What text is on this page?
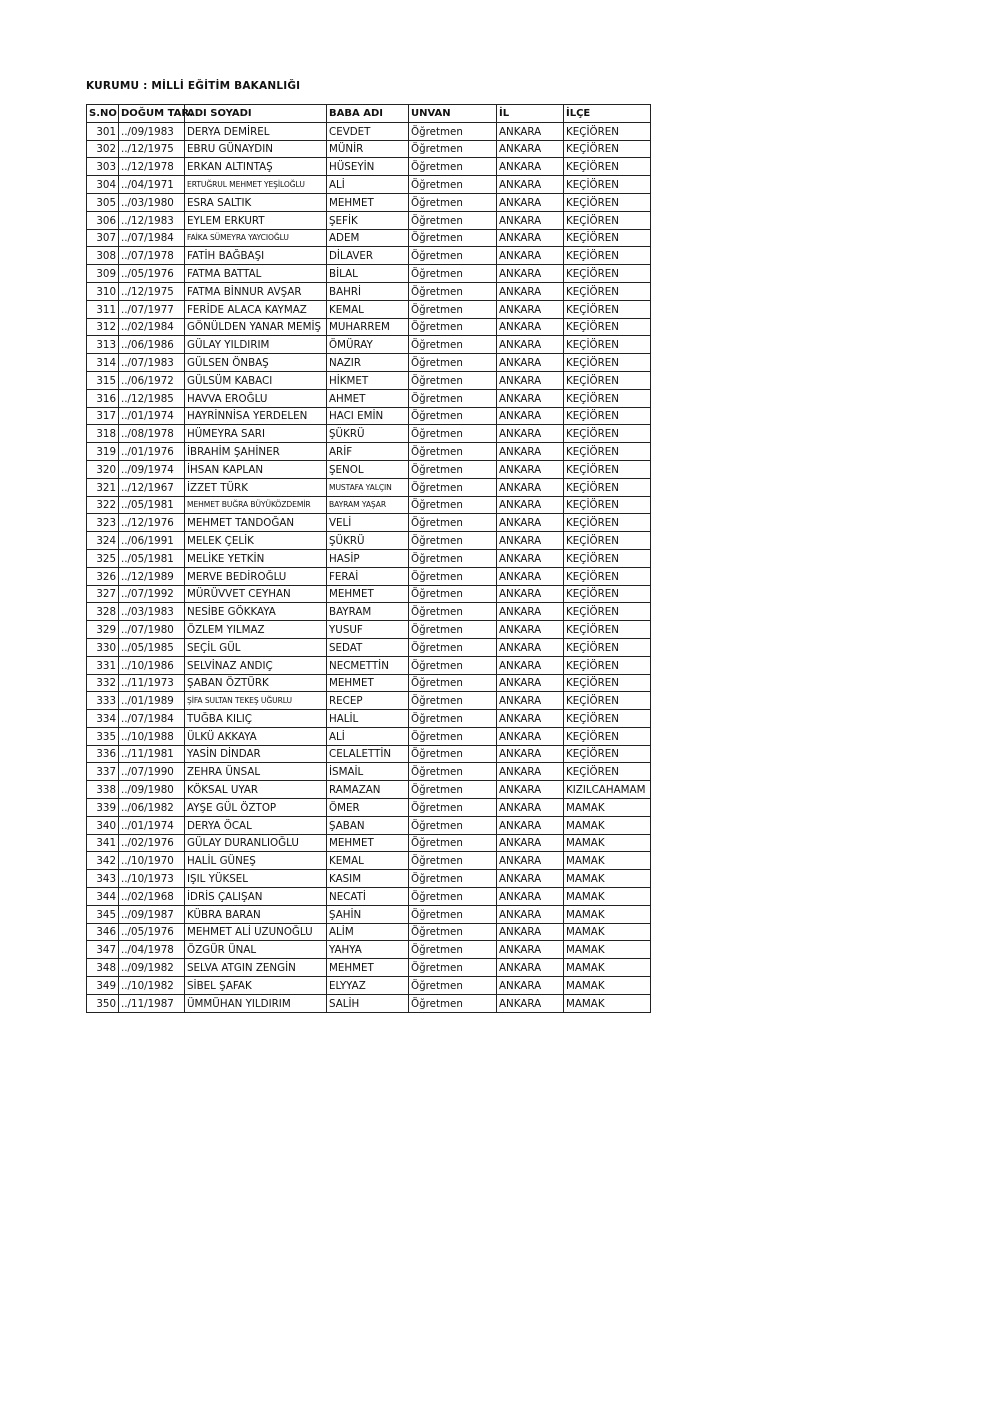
KURUMU : MİLLİ EĞİTİM BAKANLIĞI
S.NO	DOĞUM TAR.	ADI SOYADI	BABA ADI	UNVAN	İL	İLÇE
301	../09/1983	DERYA DEMİREL	CEVDET	Öğretmen	ANKARA	KEÇİÖREN
302	../12/1975	EBRU GÜNAYDIN	MÜNİR	Öğretmen	ANKARA	KEÇİÖREN
303	../12/1978	ERKAN ALTINTAŞ	HÜSEYİN	Öğretmen	ANKARA	KEÇİÖREN
304	../04/1971	ERTUĞRUL MEHMET YEŞİLOĞLU	ALİ	Öğretmen	ANKARA	KEÇİÖREN
305	../03/1980	ESRA SALTIK	MEHMET	Öğretmen	ANKARA	KEÇİÖREN
306	../12/1983	EYLEM ERKURT	ŞEFİK	Öğretmen	ANKARA	KEÇİÖREN
307	../07/1984	FAİKA SÜMEYRA YAYCIOĞLU	ADEM	Öğretmen	ANKARA	KEÇİÖREN
308	../07/1978	FATİH BAĞBAŞI	DİLAVER	Öğretmen	ANKARA	KEÇİÖREN
309	../05/1976	FATMA BATTAL	BİLAL	Öğretmen	ANKARA	KEÇİÖREN
310	../12/1975	FATMA BİNNUR AVŞAR	BAHRİ	Öğretmen	ANKARA	KEÇİÖREN
311	../07/1977	FERİDE ALACA KAYMAZ	KEMAL	Öğretmen	ANKARA	KEÇİÖREN
312	../02/1984	GÖNÜLDEN YANAR MEMİŞ	MUHARREM	Öğretmen	ANKARA	KEÇİÖREN
313	../06/1986	GÜLAY YILDIRIM	ÖMÜRAY	Öğretmen	ANKARA	KEÇİÖREN
314	../07/1983	GÜLSEN ÖNBAŞ	NAZIR	Öğretmen	ANKARA	KEÇİÖREN
315	../06/1972	GÜLSÜM KABACI	HİKMET	Öğretmen	ANKARA	KEÇİÖREN
316	../12/1985	HAVVA EROĞLU	AHMET	Öğretmen	ANKARA	KEÇİÖREN
317	../01/1974	HAYRİNNİSA YERDELEN	HACI EMİN	Öğretmen	ANKARA	KEÇİÖREN
318	../08/1978	HÜMEYRA SARI	ŞÜKRÜ	Öğretmen	ANKARA	KEÇİÖREN
319	../01/1976	İBRAHİM ŞAHİNER	ARİF	Öğretmen	ANKARA	KEÇİÖREN
320	../09/1974	İHSAN KAPLAN	ŞENOL	Öğretmen	ANKARA	KEÇİÖREN
321	../12/1967	İZZET TÜRK	MUSTAFA YALÇIN	Öğretmen	ANKARA	KEÇİÖREN
322	../05/1981	MEHMET BUĞRA BÜYÜKÖZDEMİR	BAYRAM YAŞAR	Öğretmen	ANKARA	KEÇİÖREN
323	../12/1976	MEHMET TANDOĞAN	VELİ	Öğretmen	ANKARA	KEÇİÖREN
324	../06/1991	MELEK ÇELİK	ŞÜKRÜ	Öğretmen	ANKARA	KEÇİÖREN
325	../05/1981	MELİKE YETKİN	HASİP	Öğretmen	ANKARA	KEÇİÖREN
326	../12/1989	MERVE BEDİROĞLU	FERAİ	Öğretmen	ANKARA	KEÇİÖREN
327	../07/1992	MÜRÜVVET CEYHAN	MEHMET	Öğretmen	ANKARA	KEÇİÖREN
328	../03/1983	NESİBE GÖKKAYA	BAYRAM	Öğretmen	ANKARA	KEÇİÖREN
329	../07/1980	ÖZLEM YILMAZ	YUSUF	Öğretmen	ANKARA	KEÇİÖREN
330	../05/1985	SEÇİL GÜL	SEDAT	Öğretmen	ANKARA	KEÇİÖREN
331	../10/1986	SELVİNAZ ANDIÇ	NECMETTİN	Öğretmen	ANKARA	KEÇİÖREN
332	../11/1973	ŞABAN ÖZTÜRK	MEHMET	Öğretmen	ANKARA	KEÇİÖREN
333	../01/1989	ŞİFA SULTAN TEKEŞ UĞURLU	RECEP	Öğretmen	ANKARA	KEÇİÖREN
334	../07/1984	TUĞBA KILIÇ	HALİL	Öğretmen	ANKARA	KEÇİÖREN
335	../10/1988	ÜLKÜ AKKAYA	ALİ	Öğretmen	ANKARA	KEÇİÖREN
336	../11/1981	YASİN DİNDAR	CELALETTİN	Öğretmen	ANKARA	KEÇİÖREN
337	../07/1990	ZEHRA ÜNSAL	İSMAİL	Öğretmen	ANKARA	KEÇİÖREN
338	../09/1980	KÖKSAL UYAR	RAMAZAN	Öğretmen	ANKARA	KIZILCAHAMAM
339	../06/1982	AYŞE GÜL ÖZTOP	ÖMER	Öğretmen	ANKARA	MAMAK
340	../01/1974	DERYA ÖCAL	ŞABAN	Öğretmen	ANKARA	MAMAK
341	../02/1976	GÜLAY DURANLIOĞLU	MEHMET	Öğretmen	ANKARA	MAMAK
342	../10/1970	HALİL GÜNEŞ	KEMAL	Öğretmen	ANKARA	MAMAK
343	../10/1973	IŞIL YÜKSEL	KASIM	Öğretmen	ANKARA	MAMAK
344	../02/1968	İDRİS ÇALIŞAN	NECATİ	Öğretmen	ANKARA	MAMAK
345	../09/1987	KÜBRA BARAN	ŞAHİN	Öğretmen	ANKARA	MAMAK
346	../05/1976	MEHMET ALİ UZUNOĞLU	ALİM	Öğretmen	ANKARA	MAMAK
347	../04/1978	ÖZGÜR ÜNAL	YAHYA	Öğretmen	ANKARA	MAMAK
348	../09/1982	SELVA ATGIN ZENGİN	MEHMET	Öğretmen	ANKARA	MAMAK
349	../10/1982	SİBEL ŞAFAK	ELYYAZ	Öğretmen	ANKARA	MAMAK
350	../11/1987	ÜMMÜHAN YILDIRIM	SALİH	Öğretmen	ANKARA	MAMAK
